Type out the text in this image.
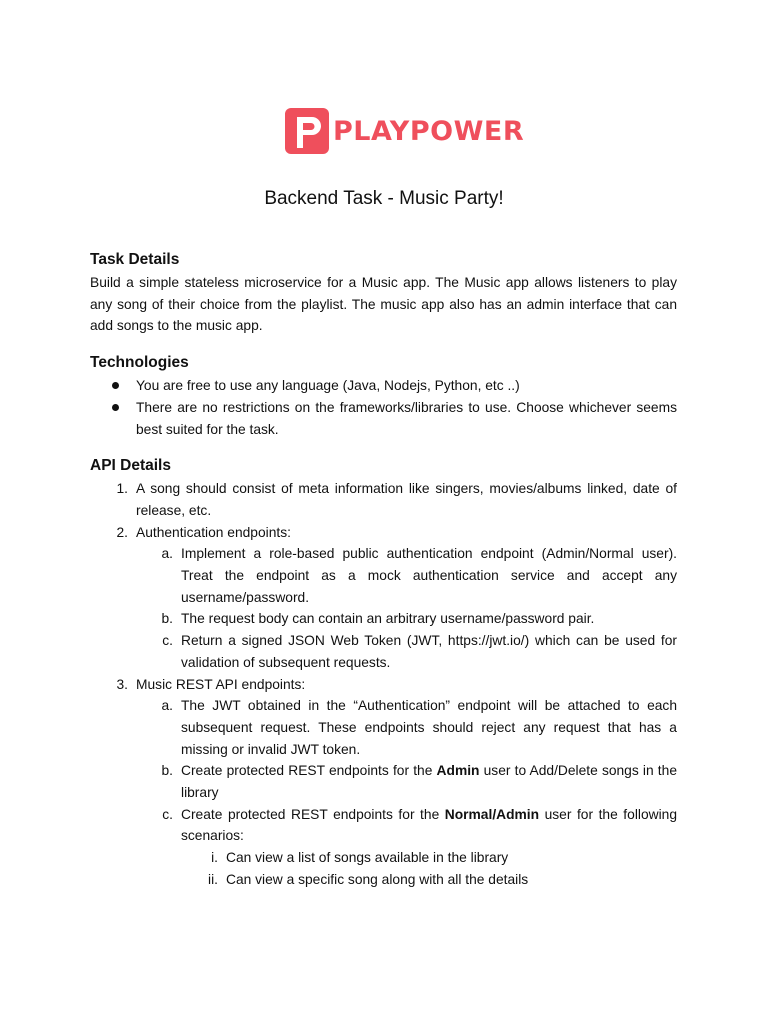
PLAYPOWER
Backend Task - Music Party!
Task Details

Build a simple stateless microservice for a Music app. The Music app allows listeners to play any song of their choice from the playlist. The music app also has an admin interface that can add songs to the music app.

Technologies
You are free to use any language (Java, Nodejs, Python, etc ..)
There are no restrictions on the frameworks/libraries to use. Choose whichever seems best suited for the task.
API Details
1. A song should consist of meta information like singers, movies/albums linked, date of release, etc.
2. Authentication endpoints:
a. Implement a role-based public authentication endpoint (Admin/Normal user). Treat the endpoint as a mock authentication service and accept any username/password.
b. The request body can contain an arbitrary username/password pair.
c. Return a signed JSON Web Token (JWT, https://jwt.io/) which can be used for validation of subsequent requests.
3. Music REST API endpoints:
a. The JWT obtained in the “Authentication” endpoint will be attached to each subsequent request. These endpoints should reject any request that has a missing or invalid JWT token.
b. Create protected REST endpoints for the Admin user to Add/Delete songs in the library
c. Create protected REST endpoints for the Normal/Admin user for the following scenarios:
i. Can view a list of songs available in the library
ii. Can view a specific song along with all the details
